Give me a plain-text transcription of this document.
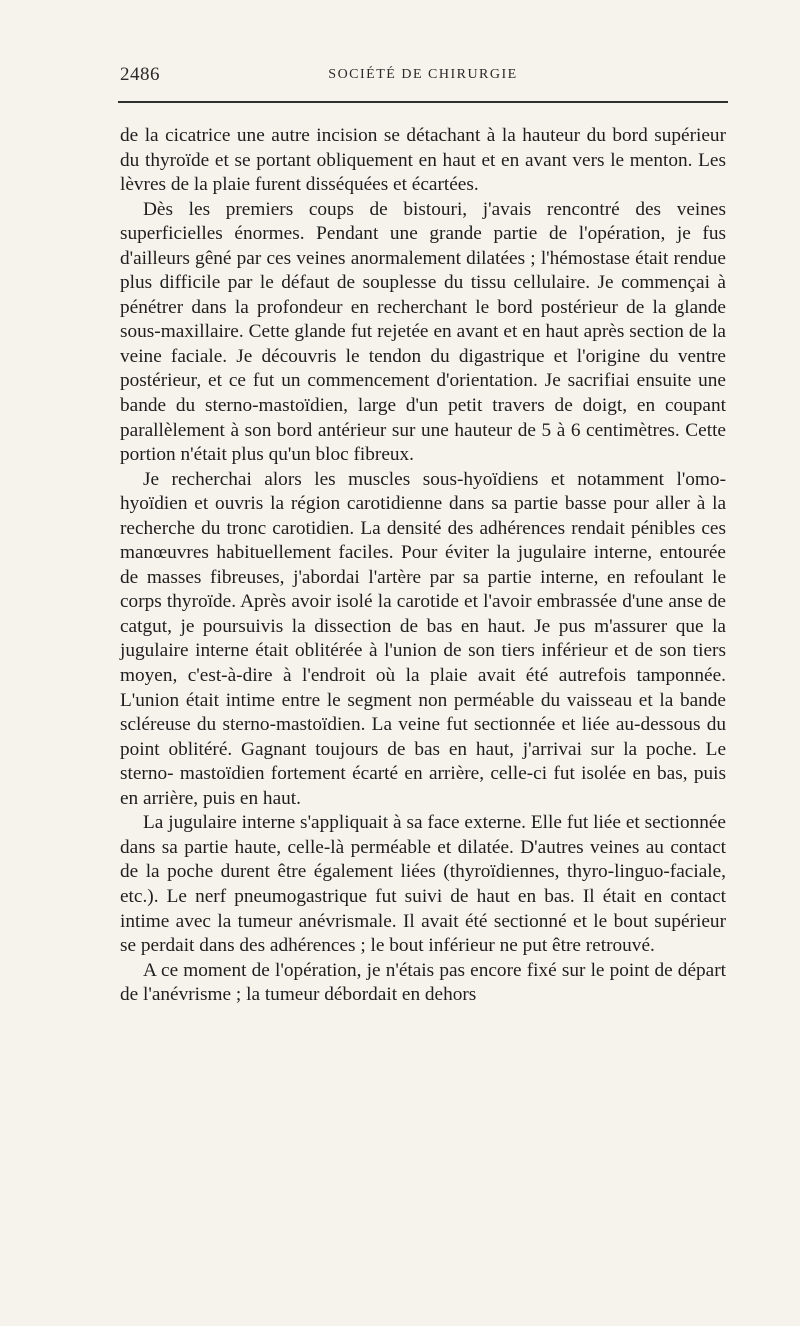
2486	SOCIÉTÉ DE CHIRURGIE

de la cicatrice une autre incision se détachant à la hauteur du bord supérieur du thyroïde et se portant obliquement en haut et en avant vers le menton. Les lèvres de la plaie furent disséquées et écartées.

Dès les premiers coups de bistouri, j'avais rencontré des veines superficielles énormes. Pendant une grande partie de l'opération, je fus d'ailleurs gêné par ces veines anormalement dilatées ; l'hémostase était rendue plus difficile par le défaut de souplesse du tissu cellulaire. Je commençai à pénétrer dans la profondeur en recherchant le bord postérieur de la glande sous-maxillaire. Cette glande fut rejetée en avant et en haut après section de la veine faciale. Je découvris le tendon du digastrique et l'origine du ventre postérieur, et ce fut un commencement d'orientation. Je sacrifiai ensuite une bande du sterno-mastoïdien, large d'un petit travers de doigt, en coupant parallèlement à son bord antérieur sur une hauteur de 5 à 6 centimètres. Cette portion n'était plus qu'un bloc fibreux.

Je recherchai alors les muscles sous-hyoïdiens et notamment l'omo-hyoïdien et ouvris la région carotidienne dans sa partie basse pour aller à la recherche du tronc carotidien. La densité des adhérences rendait pénibles ces manœuvres habituellement faciles. Pour éviter la jugulaire interne, entourée de masses fibreuses, j'abordai l'artère par sa partie interne, en refoulant le corps thyroïde. Après avoir isolé la carotide et l'avoir embrassée d'une anse de catgut, je poursuivis la dissection de bas en haut. Je pus m'assurer que la jugulaire interne était oblitérée à l'union de son tiers inférieur et de son tiers moyen, c'est-à-dire à l'endroit où la plaie avait été autrefois tamponnée. L'union était intime entre le segment non perméable du vaisseau et la bande scléreuse du sterno-mastoïdien. La veine fut sectionnée et liée au-dessous du point oblitéré. Gagnant toujours de bas en haut, j'arrivai sur la poche. Le sterno- mastoïdien fortement écarté en arrière, celle-ci fut isolée en bas, puis en arrière, puis en haut.

La jugulaire interne s'appliquait à sa face externe. Elle fut liée et sectionnée dans sa partie haute, celle-là perméable et dilatée. D'autres veines au contact de la poche durent être également liées (thyroïdiennes, thyro-linguo-faciale, etc.). Le nerf pneumogastrique fut suivi de haut en bas. Il était en contact intime avec la tumeur anévrismale. Il avait été sectionné et le bout supérieur se perdait dans des adhérences ; le bout inférieur ne put être retrouvé.

A ce moment de l'opération, je n'étais pas encore fixé sur le point de départ de l'anévrisme ; la tumeur débordait en dehors
